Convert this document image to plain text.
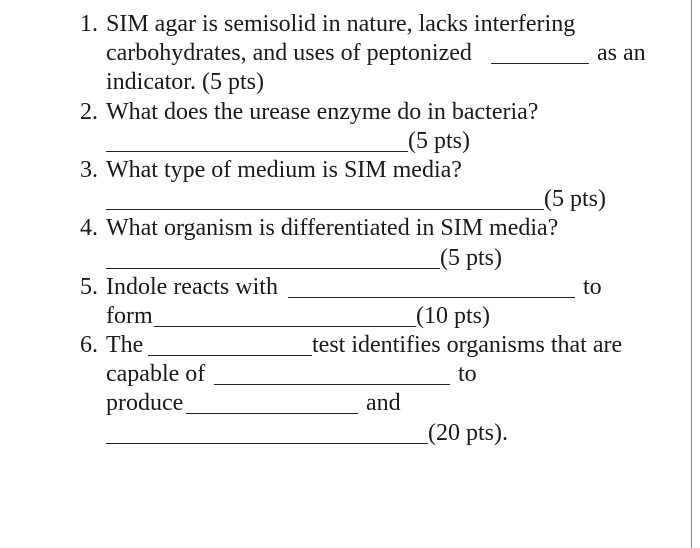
1. SIM agar is semisolid in nature, lacks interfering
carbohydrates, and uses of peptonized	as an
indicator. (5 pts)
2. What does the urease enzyme do in bacteria?
(5 pts)
3. What type of medium is SIM media?
(5 pts)
4. What organism is differentiated in SIM media?
(5 pts)
5. Indole reacts with	to
form	(10 pts)
6. The	test identifies organisms that are
capable of	to
produce	and
(20 pts).
